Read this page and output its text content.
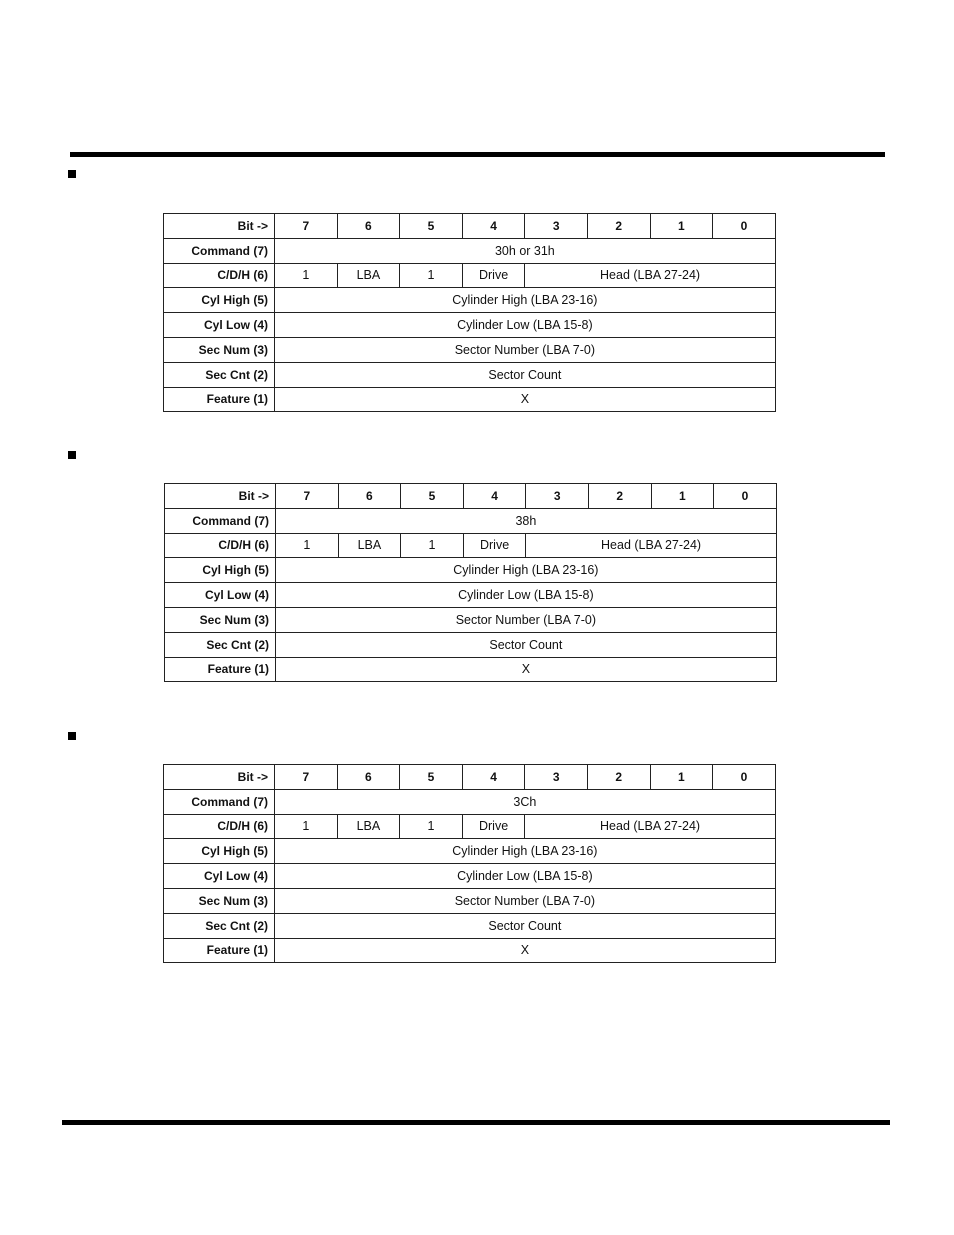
Bit ->	7	6	5	4	3	2	1	0
Command (7)	30h or 31h							
C/D/H (6)	1	LBA	1	Drive	Head (LBA 27-24)			
Cyl High (5)	Cylinder High (LBA 23-16)							
Cyl Low (4)	Cylinder Low (LBA 15-8)							
Sec Num (3)	Sector Number (LBA 7-0)							
Sec Cnt (2)	Sector Count							
Feature (1)	X							
Bit ->	7	6	5	4	3	2	1	0
Command (7)	38h							
C/D/H (6)	1	LBA	1	Drive	Head (LBA 27-24)			
Cyl High (5)	Cylinder High (LBA 23-16)							
Cyl Low (4)	Cylinder Low (LBA 15-8)							
Sec Num (3)	Sector Number (LBA 7-0)							
Sec Cnt (2)	Sector Count							
Feature (1)	X							
Bit ->	7	6	5	4	3	2	1	0
Command (7)	3Ch							
C/D/H (6)	1	LBA	1	Drive	Head (LBA 27-24)			
Cyl High (5)	Cylinder High (LBA 23-16)							
Cyl Low (4)	Cylinder Low (LBA 15-8)							
Sec Num (3)	Sector Number (LBA 7-0)							
Sec Cnt (2)	Sector Count							
Feature (1)	X							
